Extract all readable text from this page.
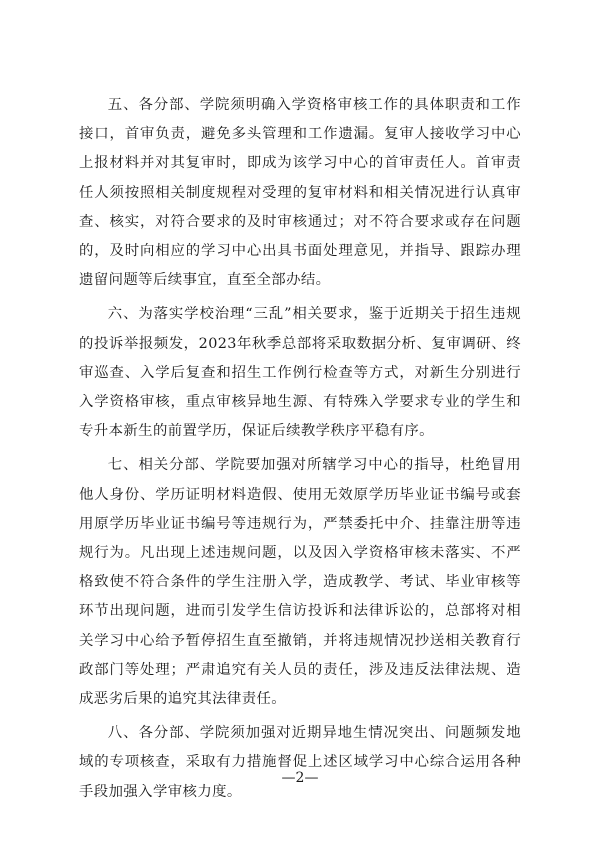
五、各分部、学院须明确入学资格审核工作的具体职责和工作接口，首审负责，避免多头管理和工作遗漏。复审人接收学习中心上报材料并对其复审时，即成为该学习中心的首审责任人。首审责任人须按照相关制度规程对受理的复审材料和相关情况进行认真审查、核实，对符合要求的及时审核通过；对不符合要求或存在问题的，及时向相应的学习中心出具书面处理意见，并指导、跟踪办理遗留问题等后续事宜，直至全部办结。

六、为落实学校治理“三乱”相关要求，鉴于近期关于招生违规的投诉举报频发，2023年秋季总部将采取数据分析、复审调研、终审巡查、入学后复查和招生工作例行检查等方式，对新生分别进行入学资格审核，重点审核异地生源、有特殊入学要求专业的学生和专升本新生的前置学历，保证后续教学秩序平稳有序。

七、相关分部、学院要加强对所辖学习中心的指导，杜绝冒用他人身份、学历证明材料造假、使用无效原学历毕业证书编号或套用原学历毕业证书编号等违规行为，严禁委托中介、挂靠注册等违规行为。凡出现上述违规问题，以及因入学资格审核未落实、不严格致使不符合条件的学生注册入学，造成教学、考试、毕业审核等环节出现问题，进而引发学生信访投诉和法律诉讼的，总部将对相关学习中心给予暂停招生直至撤销，并将违规情况抄送相关教育行政部门等处理；严肃追究有关人员的责任，涉及违反法律法规、造成恶劣后果的追究其法律责任。

八、各分部、学院须加强对近期异地生情况突出、问题频发地域的专项核查，采取有力措施督促上述区域学习中心综合运用各种手段加强入学审核力度。

—2—
